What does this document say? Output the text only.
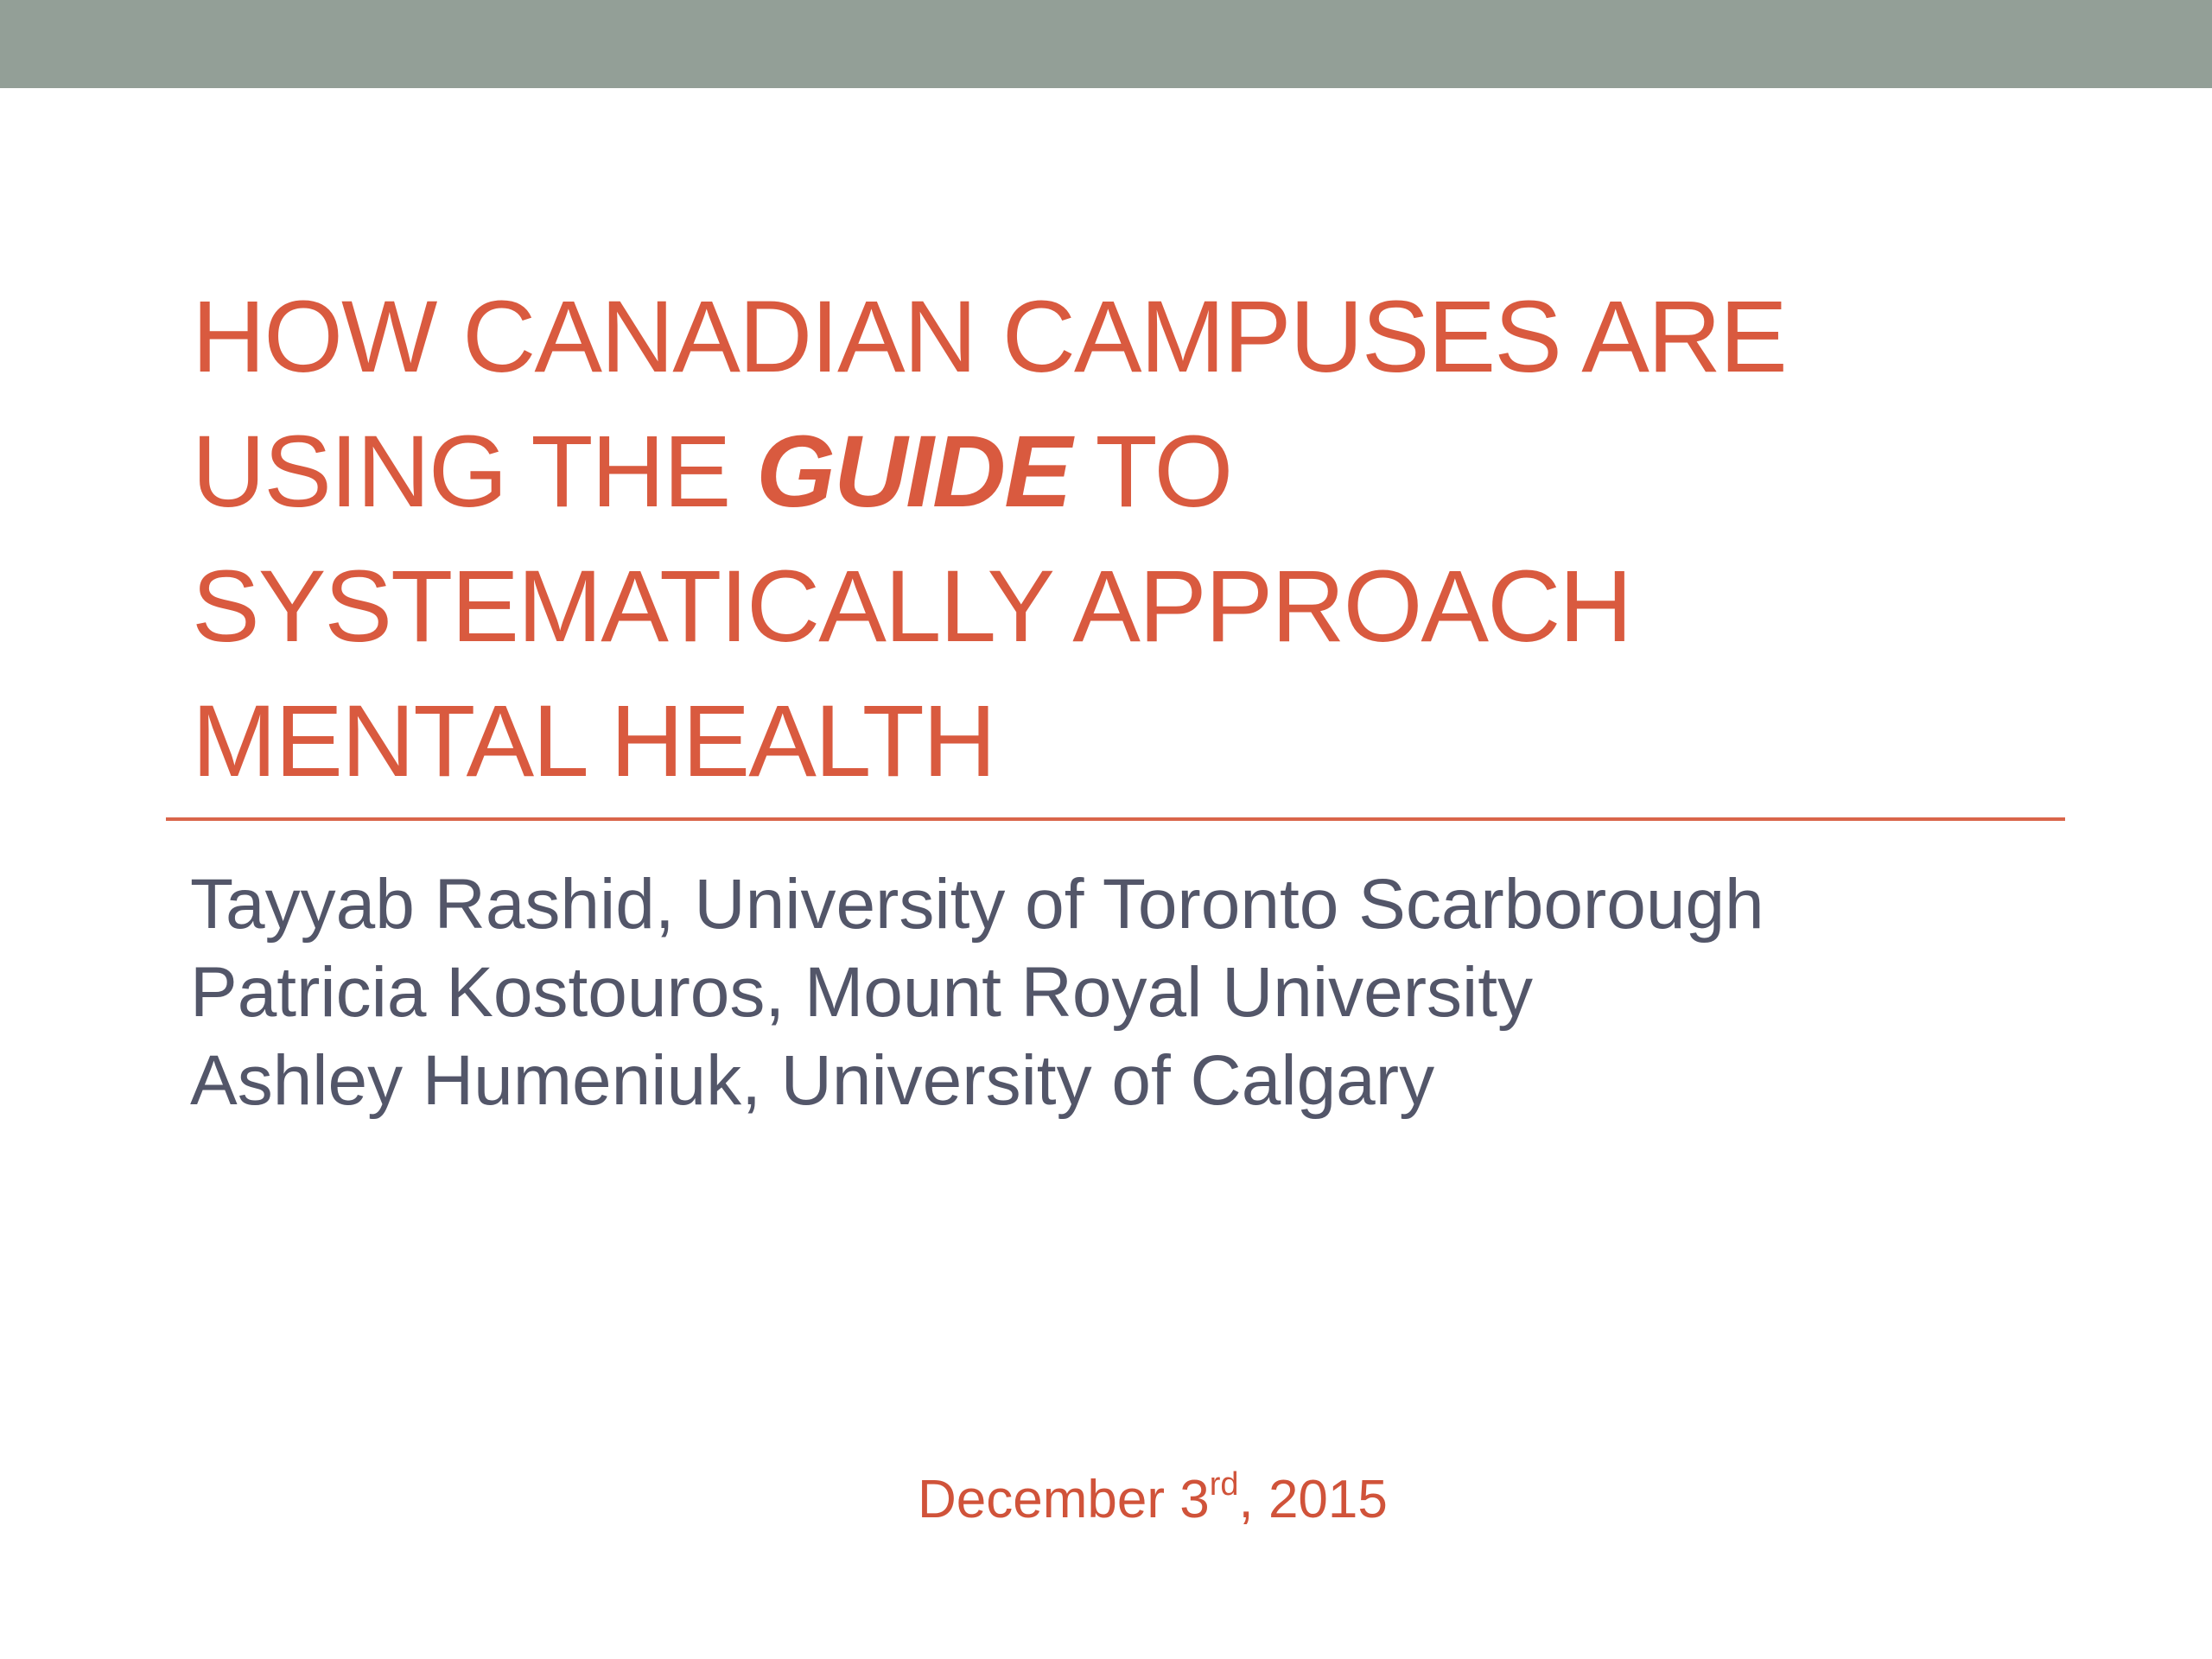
HOW CANADIAN CAMPUSES ARE
USING THE GUIDE TO
SYSTEMATICALLY APPROACH
MENTAL HEALTH
Tayyab Rashid, University of Toronto Scarborough
Patricia Kostouros, Mount Royal University
Ashley Humeniuk, University of Calgary
December 3rd, 2015
